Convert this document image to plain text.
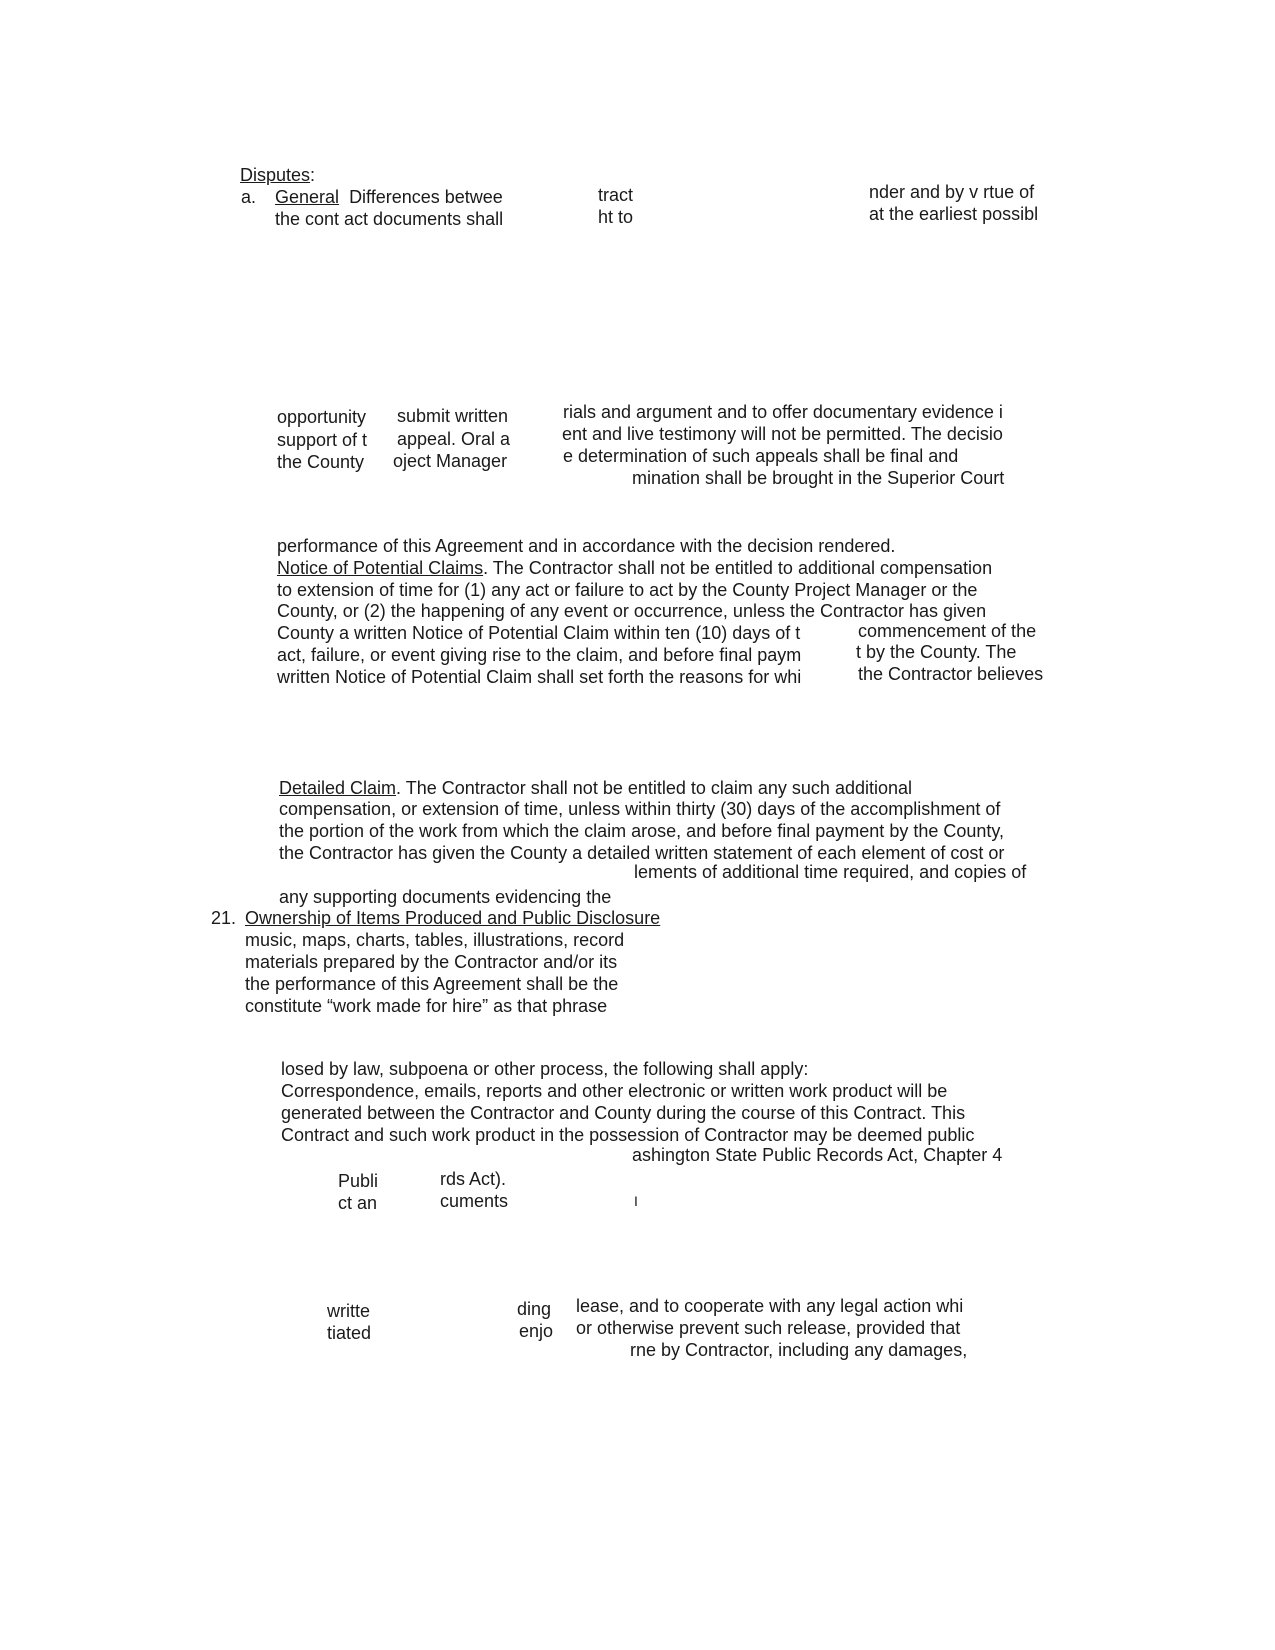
Disputes:
a. General Differences betwee	tract	nder and by v rtue of
the cont act documents shall	ht to	at the earliest possibl
opportunity
support of t
the County
submit written
appeal. Oral a
oject Manager
rials and argument and to offer documentary evidence i
ent and live testimony will not be permitted. The decisio
e determination of such appeals shall be final and
mination shall be brought in the Superior Court
performance of this Agreement and in accordance with the decision rendered.
Notice of Potential Claims. The Contractor shall not be entitled to additional compensation
to extension of time for (1) any act or failure to act by the County Project Manager or the
County, or (2) the happening of any event or occurrence, unless the Contractor has given
County a written Notice of Potential Claim within ten (10) days of t	commencement of the
act, failure, or event giving rise to the claim, and before final paym	t by the County. The
written Notice of Potential Claim shall set forth the reasons for whi	the Contractor believes
Detailed Claim. The Contractor shall not be entitled to claim any such additional
compensation, or extension of time, unless within thirty (30) days of the accomplishment of
the portion of the work from which the claim arose, and before final payment by the County,
the Contractor has given the County a detailed written statement of each element of cost or
lements of additional time required, and copies of
any supporting documents evidencing the
21. Ownership of Items Produced and Public Disclosure
music, maps, charts, tables, illustrations, record
materials prepared by the Contractor and/or its
the performance of this Agreement shall be the
constitute “work made for hire” as that phrase
losed by law, subpoena or other process, the following shall apply:
Correspondence, emails, reports and other electronic or written work product will be
generated between the Contractor and County during the course of this Contract. This
Contract and such work product in the possession of Contractor may be deemed public
ashington State Public Records Act, Chapter 4
Publi
ct an
rds Act).
cuments	I
writte
tiated
ding
enjo
lease, and to cooperate with any legal action whi
or otherwise prevent such release, provided that
rne by Contractor, including any damages,
